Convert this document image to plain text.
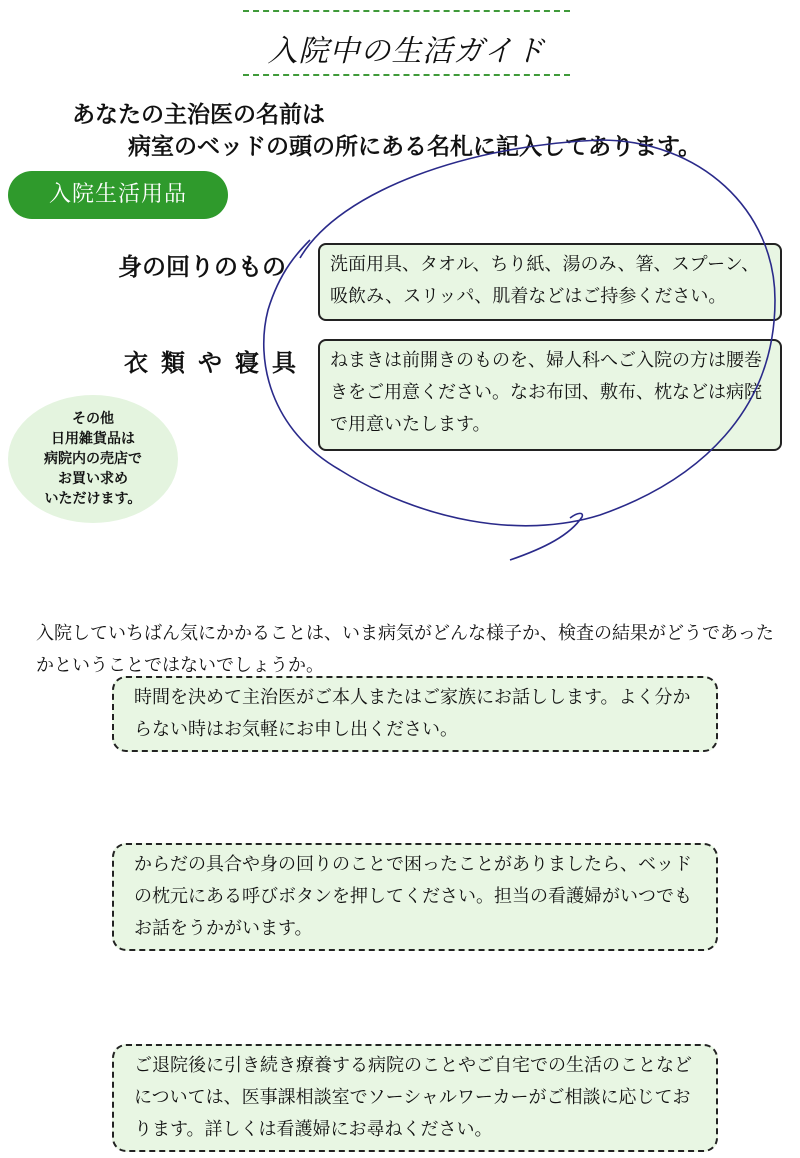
入院中の生活ガイド
あなたの主治医の名前は
病室のベッドの頭の所にある名札に記入してあります。
入院生活用品
身の回りのもの	洗面用具、タオル、ちり紙、湯のみ、箸、スプーン、吸飲み、スリッパ、肌着などはご持参ください。
衣類や寝具	ねまきは前開きのものを、婦人科へご入院の方は腰巻きをご用意ください。なお布団、敷布、枕などは病院で用意いたします。
その他
日用雑貨品は
病院内の売店で
お買い求め
いただけます。
入院していちばん気にかかることは、いま病気がどんな様子か、検査の結果がどうであったかということではないでしょうか。
時間を決めて主治医がご本人またはご家族にお話しします。よく分からない時はお気軽にお申し出ください。
からだの具合や身の回りのことで困ったことがありましたら、ベッドの枕元にある呼びボタンを押してください。担当の看護婦がいつでもお話をうかがいます。
ご退院後に引き続き療養する病院のことやご自宅での生活のことなどについては、医事課相談室でソーシャルワーカーがご相談に応じております。詳しくは看護婦にお尋ねください。
